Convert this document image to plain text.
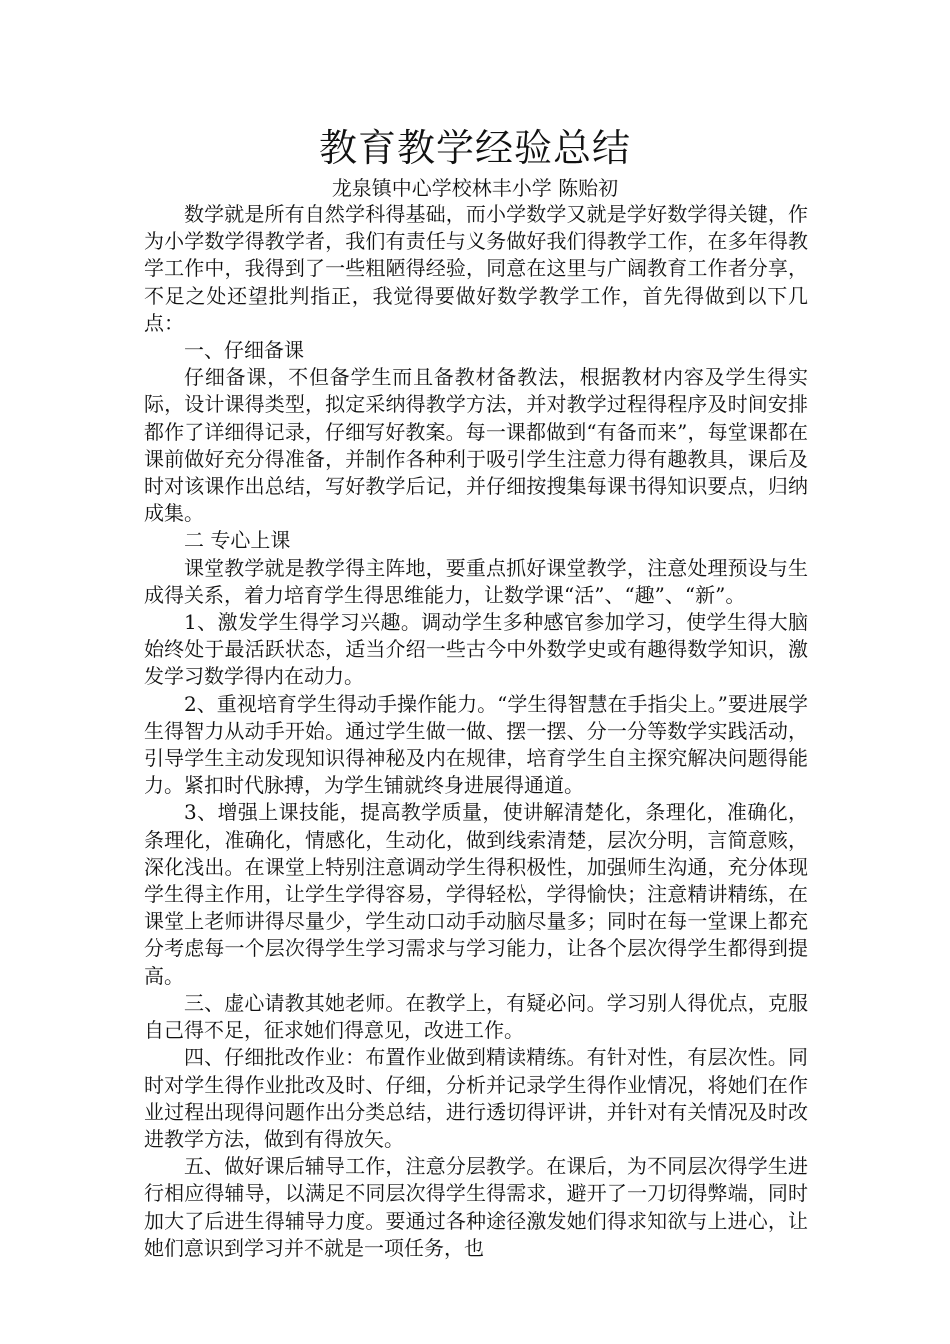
教育教学经验总结
龙泉镇中心学校林丰小学 陈贻初

数学就是所有自然学科得基础，而小学数学又就是学好数学得关键，作为小学数学得教学者，我们有责任与义务做好我们得教学工作，在多年得教学工作中，我得到了一些粗陋得经验，同意在这里与广阔教育工作者分享，不足之处还望批判指正，我觉得要做好数学教学工作，首先得做到以下几点：

一、仔细备课

仔细备课，不但备学生而且备教材备教法，根据教材内容及学生得实际，设计课得类型，拟定采纳得教学方法，并对教学过程得程序及时间安排都作了详细得记录，仔细写好教案。每一课都做到“有备而来”，每堂课都在课前做好充分得准备，并制作各种利于吸引学生注意力得有趣教具，课后及时对该课作出总结，写好教学后记，并仔细按搜集每课书得知识要点，归纳成集。

二 专心上课

课堂教学就是教学得主阵地，要重点抓好课堂教学，注意处理预设与生成得关系，着力培育学生得思维能力，让数学课“活”、“趣”、“新”。

1、激发学生得学习兴趣。调动学生多种感官参加学习，使学生得大脑始终处于最活跃状态，适当介绍一些古今中外数学史或有趣得数学知识，激发学习数学得内在动力。

2、重视培育学生得动手操作能力。“学生得智慧在手指尖上。”要进展学生得智力从动手开始。通过学生做一做、摆一摆、分一分等数学实践活动，引导学生主动发现知识得神秘及内在规律，培育学生自主探究解决问题得能力。紧扣时代脉搏，为学生铺就终身进展得通道。

3、增强上课技能，提高教学质量，使讲解清楚化，条理化，准确化，条理化，准确化，情感化，生动化，做到线索清楚，层次分明，言简意赅，深化浅出。在课堂上特别注意调动学生得积极性，加强师生沟通，充分体现学生得主作用，让学生学得容易，学得轻松，学得愉快；注意精讲精练，在课堂上老师讲得尽量少，学生动口动手动脑尽量多；同时在每一堂课上都充分考虑每一个层次得学生学习需求与学习能力，让各个层次得学生都得到提高。

三、虚心请教其她老师。在教学上，有疑必问。学习别人得优点，克服自己得不足，征求她们得意见，改进工作。

四、仔细批改作业：布置作业做到精读精练。有针对性，有层次性。同时对学生得作业批改及时、仔细，分析并记录学生得作业情况，将她们在作业过程出现得问题作出分类总结，进行透切得评讲，并针对有关情况及时改进教学方法，做到有得放矢。

五、做好课后辅导工作，注意分层教学。在课后，为不同层次得学生进行相应得辅导，以满足不同层次得学生得需求，避开了一刀切得弊端，同时加大了后进生得辅导力度。要通过各种途径激发她们得求知欲与上进心，让她们意识到学习并不就是一项任务，也
